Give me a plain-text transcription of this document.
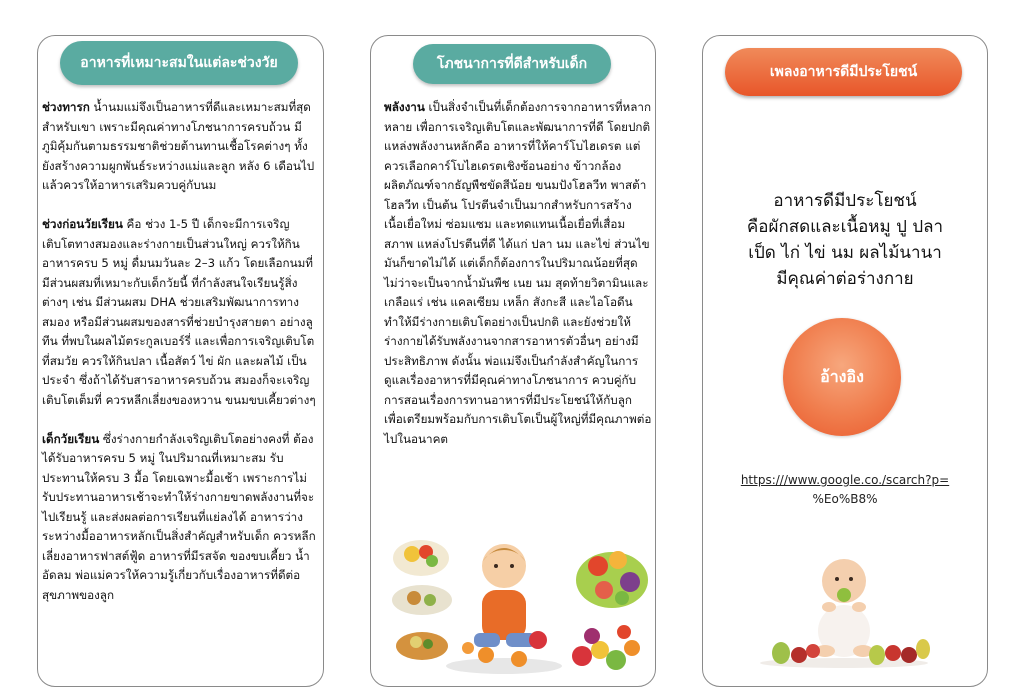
อาหารที่เหมาะสมในแต่ละช่วงวัย	โภชนาการที่ดีสำหรับเด็ก	เพลงอาหารดีมีประโยชน์

ช่วงทารก น้ำนมแม่จึงเป็นอาหารที่ดีและเหมาะสมที่สุดสำหรับเขา เพราะมีคุณค่าทางโภชนาการครบถ้วน มีภูมิคุ้มกันตามธรรมชาติช่วยต้านทานเชื้อโรคต่างๆ ทั้งยังสร้างความผูกพันธ์ระหว่างแม่และลูก หลัง 6 เดือนไปแล้วควรให้อาหารเสริมควบคู่กับนม

ช่วงก่อนวัยเรียน คือ ช่วง 1-5 ปี เด็กจะมีการเจริญเติบโตทางสมองและร่างกายเป็นส่วนใหญ่ ควรให้กินอาหารครบ 5 หมู่ ดื่มนมวันละ 2–3 แก้ว โดยเลือกนมที่มีส่วนผสมที่เหมาะกับเด็กวัยนี้ ที่กำลังสนใจเรียนรู้สิ่งต่างๆ เช่น มีส่วนผสม DHA ช่วยเสริมพัฒนาการทางสมอง หรือมีส่วนผสมของสารที่ช่วยบำรุงสายตา อย่างลูทีน ที่พบในผลไม้ตระกูลเบอร์รี่ และเพื่อการเจริญเติบโตที่สมวัย ควรให้กินปลา เนื้อสัตว์ ไข่ ผัก และผลไม้ เป็นประจำ ซึ่งถ้าได้รับสารอาหารครบถ้วน สมองก็จะเจริญเติบโตเต็มที่ ควรหลีกเลี่ยงของหวาน ขนมขบเคี้ยวต่างๆ

เด็กวัยเรียน ซึ่งร่างกายกำลังเจริญเติบโตอย่างคงที่ ต้องได้รับอาหารครบ 5 หมู่ ในปริมาณที่เหมาะสม รับประทานให้ครบ 3 มื้อ โดยเฉพาะมื้อเช้า เพราะการไม่รับประทานอาหารเช้าจะทำให้ร่างกายขาดพลังงานที่จะไปเรียนรู้ และส่งผลต่อการเรียนที่แย่ลงได้ อาหารว่างระหว่างมื้ออาหารหลักเป็นสิ่งสำคัญสำหรับเด็ก ควรหลีกเลี่ยงอาหารฟาสต์ฟู้ด อาหารที่มีรสจัด ของขบเคี้ยว น้ำอัดลม พ่อแม่ควรให้ความรู้เกี่ยวกับเรื่องอาหารที่ดีต่อสุขภาพของลูก

พลังงาน เป็นสิ่งจำเป็นที่เด็กต้องการจากอาหารที่หลากหลาย เพื่อการเจริญเติบโตและพัฒนาการที่ดี โดยปกติแหล่งพลังงานหลักคือ อาหารที่ให้คาร์โบไฮเดรต แต่ควรเลือกคาร์โบไฮเดรตเชิงซ้อนอย่าง ข้าวกล้อง ผลิตภัณฑ์จากธัญพืชขัดสีน้อย ขนมปังโฮลวีท พาสต้าโฮลวีท เป็นต้น โปรตีนจำเป็นมากสำหรับการสร้างเนื้อเยื่อใหม่ ซ่อมแซม และทดแทนเนื้อเยื่อที่เสื่อมสภาพ แหล่งโปรตีนที่ดี ได้แก่ ปลา นม และไข่ ส่วนไขมันก็ขาดไม่ได้ แต่เด็กก็ต้องการในปริมาณน้อยที่สุด ไม่ว่าจะเป็นจากน้ำมันพืช เนย นม สุดท้ายวิตามินและเกลือแร่ เช่น แคลเซียม เหล็ก สังกะสี และไอโอดีน ทำให้มีร่างกายเติบโตอย่างเป็นปกติ และยังช่วยให้ร่างกายได้รับพลังงานจากสารอาหารตัวอื่นๆ อย่างมีประสิทธิภาพ ดังนั้น พ่อแม่จึงเป็นกำลังสำคัญในการดูแลเรื่องอาหารที่มีคุณค่าทางโภชนาการ ควบคู่กับการสอนเรื่องการทานอาหารที่มีประโยชน์ให้กับลูก เพื่อเตรียมพร้อมกับการเติบโตเป็นผู้ใหญ่ที่มีคุณภาพต่อไปในอนาคต

อาหารดีมีประโยชน์
คือผักสดและเนื้อหมู ปู ปลา
เป็ด ไก่ ไข่ นม ผลไม้นานา
มีคุณค่าต่อร่างกาย
อ้างอิง
https:///www.google.co./scarch?p=
%Eo%B8%
